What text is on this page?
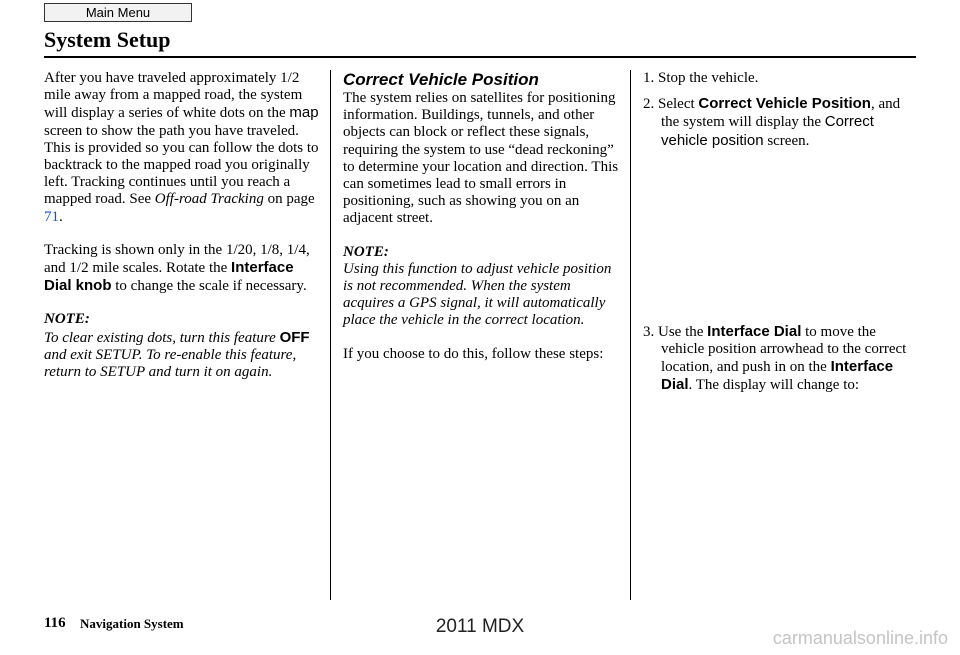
Main Menu
System Setup

After you have traveled approximately 1/2 mile away from a mapped road, the system will display a series of white dots on the map screen to show the path you have traveled. This is provided so you can follow the dots to backtrack to the mapped road you originally left. Tracking continues until you reach a mapped road. See Off-road Tracking on page 71.

Tracking is shown only in the 1/20, 1/8, 1/4, and 1/2 mile scales. Rotate the Interface Dial knob to change the scale if necessary.

NOTE:

To clear existing dots, turn this feature OFF and exit SETUP. To re-enable this feature, return to SETUP and turn it on again.

Correct Vehicle Position

The system relies on satellites for positioning information. Buildings, tunnels, and other objects can block or reflect these signals, requiring the system to use “dead reckoning” to determine your location and direction. This can sometimes lead to small errors in positioning, such as showing you on an adjacent street.

NOTE:

Using this function to adjust vehicle position is not recommended. When the system acquires a GPS signal, it will automatically place the vehicle in the correct location.

If you choose to do this, follow these steps:

1. Stop the vehicle.

2. Select Correct Vehicle Position, and the system will display the Correct vehicle position screen.

3. Use the Interface Dial to move the vehicle position arrowhead to the correct location, and push in on the Interface Dial. The display will change to:

116 Navigation System	2011 MDX
carmanualsonline.info
